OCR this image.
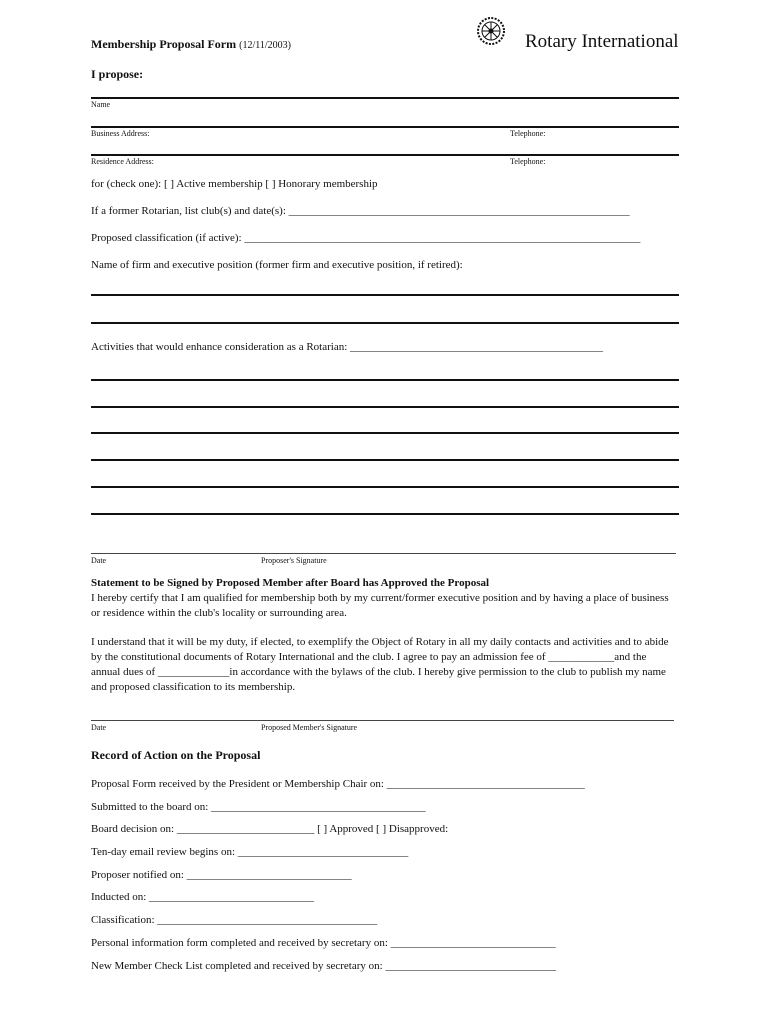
Membership Proposal Form (12/11/2003)	Rotary International
I propose:
Name
Business Address:	Telephone:
Residence Address:	Telephone:
for (check one): [ ] Active membership [ ] Honorary membership
If a former Rotarian, list club(s) and date(s): ______________________________________________________________
Proposed classification (if active): ________________________________________________________________________
Name of firm and executive position (former firm and executive position, if retired):
Activities that would enhance consideration as a Rotarian: ______________________________________________
Date	Proposer's Signature
Statement to be Signed by Proposed Member after Board has Approved the Proposal
I hereby certify that I am qualified for membership both by my current/former executive position and by having a place of business or residence within the club's locality or surrounding area.
I understand that it will be my duty, if elected, to exemplify the Object of Rotary in all my daily contacts and activities and to abide by the constitutional documents of Rotary International and the club. I agree to pay an admission fee of ____________and the annual dues of _____________in accordance with the bylaws of the club. I hereby give permission to the club to publish my name and proposed classification to its membership.
Date	Proposed Member's Signature
Record of Action on the Proposal
Proposal Form received by the President or Membership Chair on: ____________________________________
Submitted to the board on: _______________________________________
Board decision on: _________________________ [ ] Approved [ ] Disapproved:
Ten-day email review begins on: _______________________________
Proposer notified on: ______________________________
Inducted on: ______________________________
Classification: ________________________________________
Personal information form completed and received by secretary on: ______________________________
New Member Check List completed and received by secretary on: _______________________________
